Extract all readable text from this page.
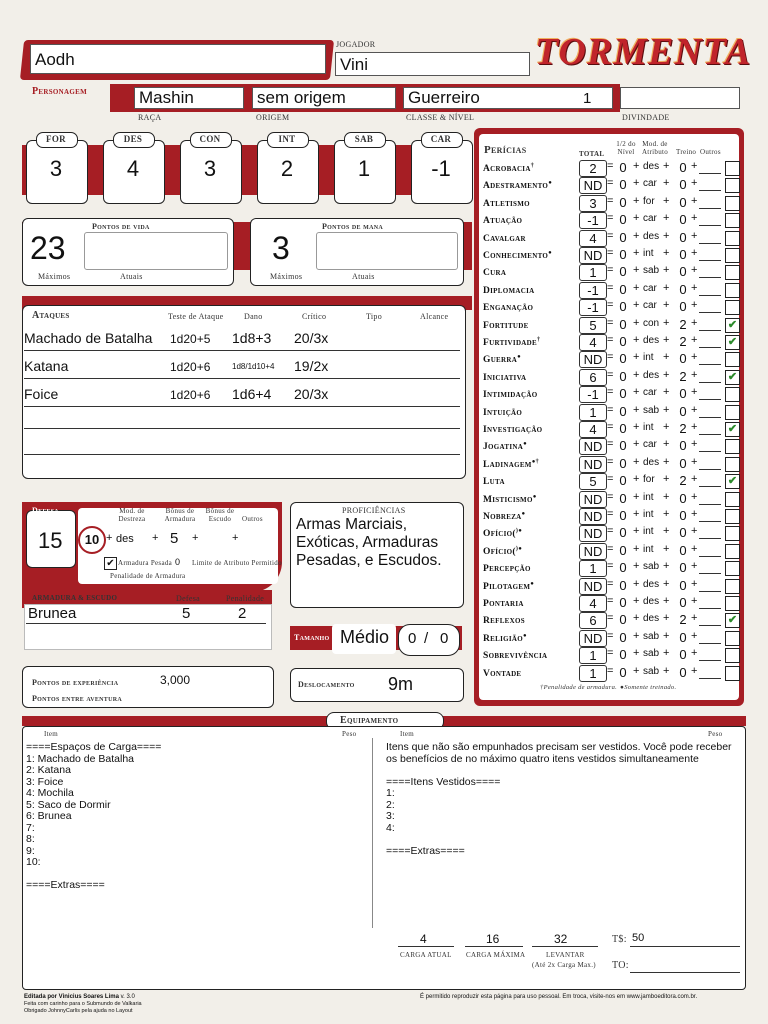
TORMENTA
Aodh
Personagem
JOGADOR
Vini
Mashin	sem origem	Guerreiro	1
RAÇA	ORIGEM	CLASSE & NÍVEL	DIVINDADE
FOR
3
DES
4
CON
3
INT
2
SAB
1
CAR
-1
Pontos de vida
23
Máximos	Atuais
Pontos de mana
3
Máximos	Atuais
Ataques	Teste de Ataque	Dano	Crítico	Tipo	Alcance
Machado de Batalha 1d20+5 1d8+3 20/3x
Katana	1d20+6	1d8/1d10+4 19/2x
Foice	1d20+6 1d6+4 20/3x
Defesa
15	10
Mod. de Destreza
Bônus de Armadura
Bônus de Escudo	Outros
des
+	+ 5 +	+
✔ Armadura Pesada 0 Limite de Atributo Permitido
Penalidade de Armadura
ARMADURA & ESCUDO	Defesa	Penalidade
Brunea	5	2
PROFICIÊNCIAS
Armas Marciais, Exóticas, Armaduras Pesadas, e Escudos.
Tamanho Médio 0 / 0
Pontos de experiência
Pontos entre aventura
3,000	Deslocamento 9m
Perícias	TOTAL
1/2 do Nível
Mod. de Atributo Treino Outros
Acrobacia†	2 = 0 + des + 0 +
Adestramento●	ND = 0 + car + 0 +
Atletismo	3 = 0 + for + 0 +
Atuação	-1 = 0 + car + 0 +
Cavalgar	4 = 0 + des + 0 +
Conhecimento●	ND = 0 + int + 0 +
Cura	1 = 0 + sab + 0 +
Diplomacia	-1 = 0 + car + 0 +
Enganação	-1 = 0 + car + 0 +
Fortitude	5 = 0 + con + 2 +	✔
Furtividade†	4 = 0 + des + 2 +	✔
Guerra●	ND = 0 + int + 0 +
Iniciativa	6 = 0 + des + 2 +	✔
Intimidação	-1 = 0 + car + 0 +
Intuição	1 = 0 + sab + 0 +
Investigação	4 = 0 + int + 2 +	✔
Jogatina●	ND = 0 + car + 0 +
Ladinagem●†	ND = 0 + des + 0 +
Luta	5 = 0 + for + 2 +	✔
Misticismo●	ND = 0 + int + 0 +
Nobreza●	ND = 0 + int + 0 +
Ofício()●	ND = 0 + int + 0 +
Ofício()●	ND = 0 + int + 0 +
Percepção	1 = 0 + sab + 0 +
Pilotagem●	ND = 0 + des + 0 +
Pontaria	4 = 0 + des + 0 +
Reflexos	6 = 0 + des + 2 +	✔
Religião●	ND = 0 + sab + 0 +
Sobrevivência	1 = 0 + sab + 0 +
Vontade	1 = 0 + sab + 0 +
†Penalidade de armadura. ●Somente treinado.
Equipamento
Item	Peso	Item	Peso
====Espaços de Carga====
1: Machado de Batalha
2: Katana
3: Foice
4: Mochila
5: Saco de Dormir
6: Brunea
7:
8:
9:
10:
====Extras====
Itens que não são empunhados precisam ser vestidos. Você pode receber
os benefícios de no máximo quatro itens vestidos simultaneamente
====Itens Vestidos====
1:
2:
3:
4:
====Extras====
4
CARGA ATUAL
16
CARGA MÁXIMA
32
LEVANTAR
(Até 2x Carga Max.)
T$: 50
TO:
Editada por Vinicius Soares Lima v. 3.0
Feita com carinho para o Submundo de Valkaria
Obrigado JohnnyCarlis pela ajuda no Layout
É permitido reproduzir esta página para uso pessoal. Em troca, visite-nos em www.jamboeditora.com.br.
